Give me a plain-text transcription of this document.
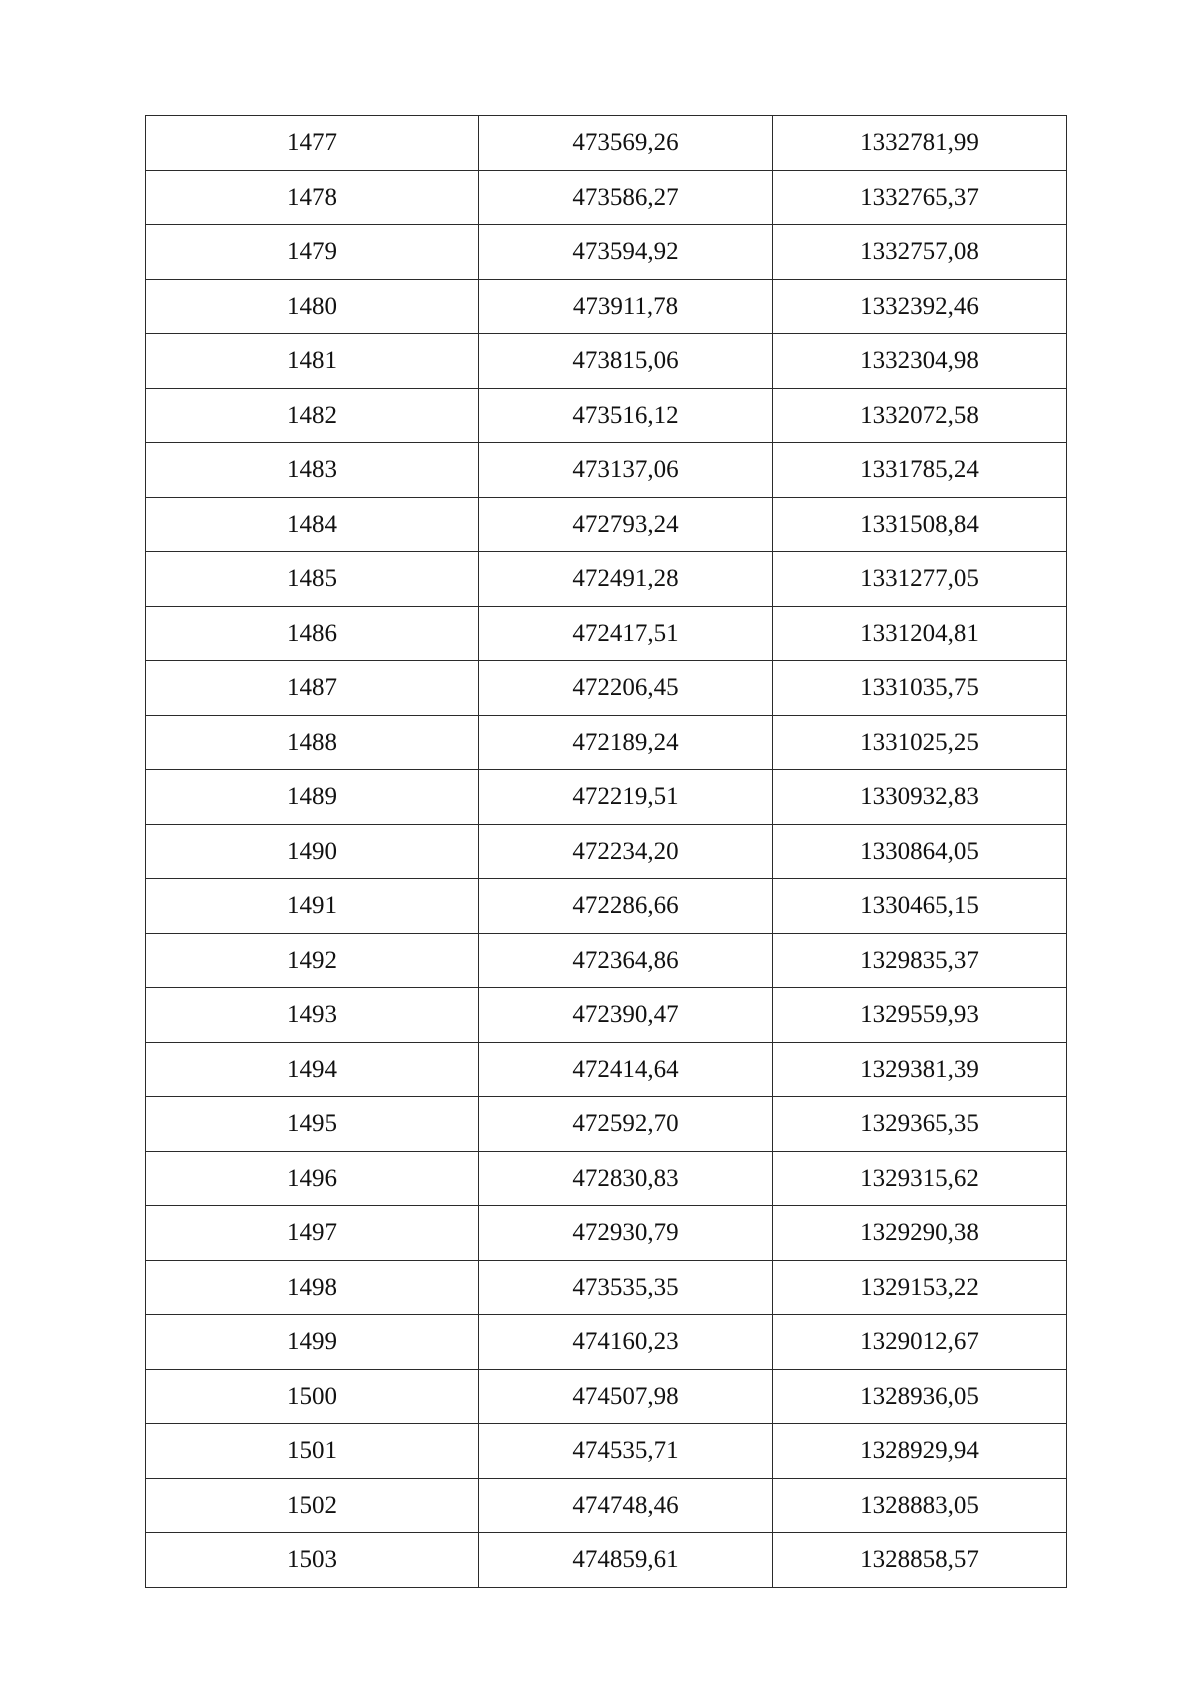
1477	473569,26	1332781,99
1478	473586,27	1332765,37
1479	473594,92	1332757,08
1480	473911,78	1332392,46
1481	473815,06	1332304,98
1482	473516,12	1332072,58
1483	473137,06	1331785,24
1484	472793,24	1331508,84
1485	472491,28	1331277,05
1486	472417,51	1331204,81
1487	472206,45	1331035,75
1488	472189,24	1331025,25
1489	472219,51	1330932,83
1490	472234,20	1330864,05
1491	472286,66	1330465,15
1492	472364,86	1329835,37
1493	472390,47	1329559,93
1494	472414,64	1329381,39
1495	472592,70	1329365,35
1496	472830,83	1329315,62
1497	472930,79	1329290,38
1498	473535,35	1329153,22
1499	474160,23	1329012,67
1500	474507,98	1328936,05
1501	474535,71	1328929,94
1502	474748,46	1328883,05
1503	474859,61	1328858,57
